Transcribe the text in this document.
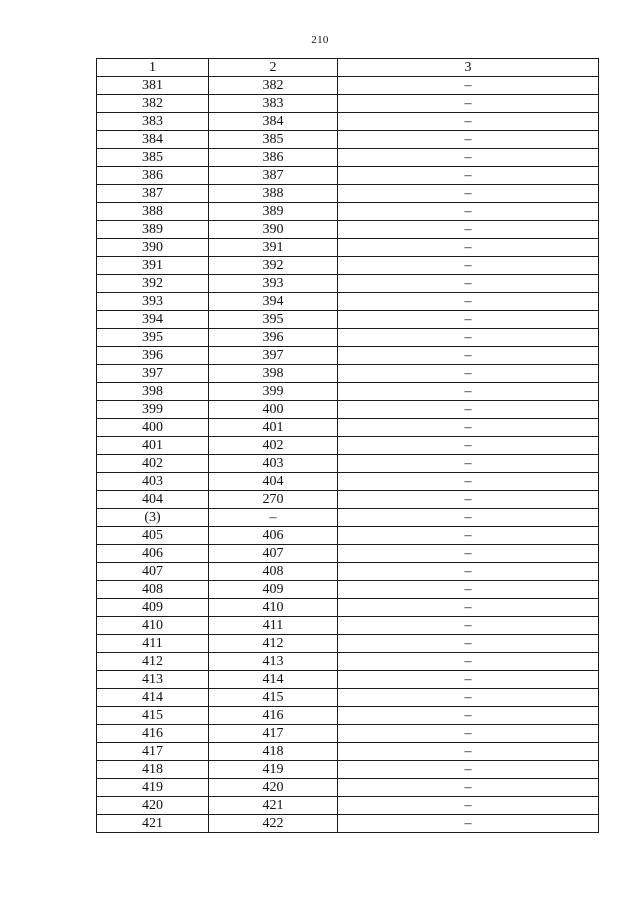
210
1	2	3
381	382	–
382	383	–
383	384	–
384	385	–
385	386	–
386	387	–
387	388	–
388	389	–
389	390	–
390	391	–
391	392	–
392	393	–
393	394	–
394	395	–
395	396	–
396	397	–
397	398	–
398	399	–
399	400	–
400	401	–
401	402	–
402	403	–
403	404	–
404	270	–
(3)	–	–
405	406	–
406	407	–
407	408	–
408	409	–
409	410	–
410	411	–
411	412	–
412	413	–
413	414	–
414	415	–
415	416	–
416	417	–
417	418	–
418	419	–
419	420	–
420	421	–
421	422	–
